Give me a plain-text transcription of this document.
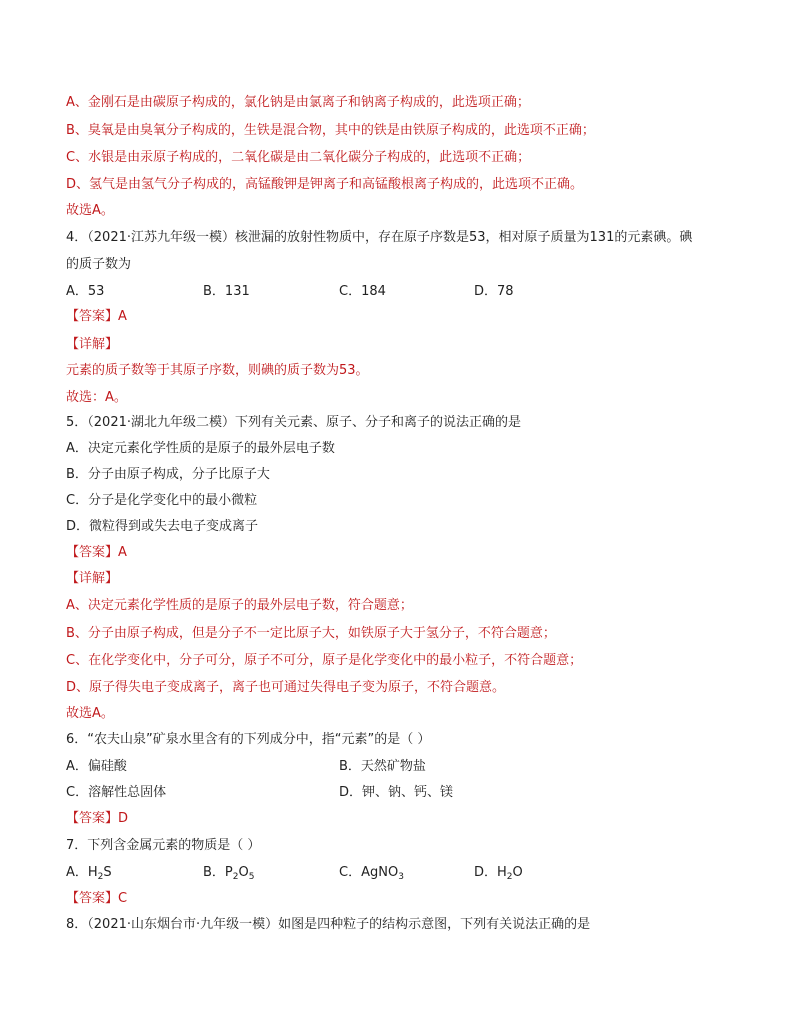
A、金刚石是由碳原子构成的，氯化钠是由氯离子和钠离子构成的，此选项正确；
B、臭氧是由臭氧分子构成的，生铁是混合物，其中的铁是由铁原子构成的，此选项不正确；
C、水银是由汞原子构成的，二氧化碳是由二氧化碳分子构成的，此选项不正确；
D、氢气是由氢气分子构成的，高锰酸钾是钾离子和高锰酸根离子构成的，此选项不正确。
故选A。
4．（2021·江苏九年级一模）核泄漏的放射性物质中，存在原子序数是53，相对原子质量为131的元素碘。碘
的质子数为
A．53	B．131	C．184	D．78
【答案】A
【详解】
元素的质子数等于其原子序数，则碘的质子数为53。
故选：A。
5．（2021·湖北九年级二模）下列有关元素、原子、分子和离子的说法正确的是
A．决定元素化学性质的是原子的最外层电子数
B．分子由原子构成，分子比原子大
C．分子是化学变化中的最小微粒
D．微粒得到或失去电子变成离子
【答案】A
【详解】
A、决定元素化学性质的是原子的最外层电子数，符合题意；
B、分子由原子构成，但是分子不一定比原子大，如铁原子大于氢分子，不符合题意；
C、在化学变化中，分子可分，原子不可分，原子是化学变化中的最小粒子，不符合题意；
D、原子得失电子变成离子，离子也可通过失得电子变为原子，不符合题意。
故选A。
6．“农夫山泉”矿泉水里含有的下列成分中，指“元素”的是（ ）
A．偏硅酸	B．天然矿物盐
C．溶解性总固体	D．钾、钠、钙、镁
【答案】D
7．下列含金属元素的物质是（ ）
A．$H_2S$	B．$P_2O_5$	C．AgNO$_3$	D．$H_2O$
【答案】C
8．（2021·山东烟台市·九年级一模）如图是四种粒子的结构示意图，下列有关说法正确的是
